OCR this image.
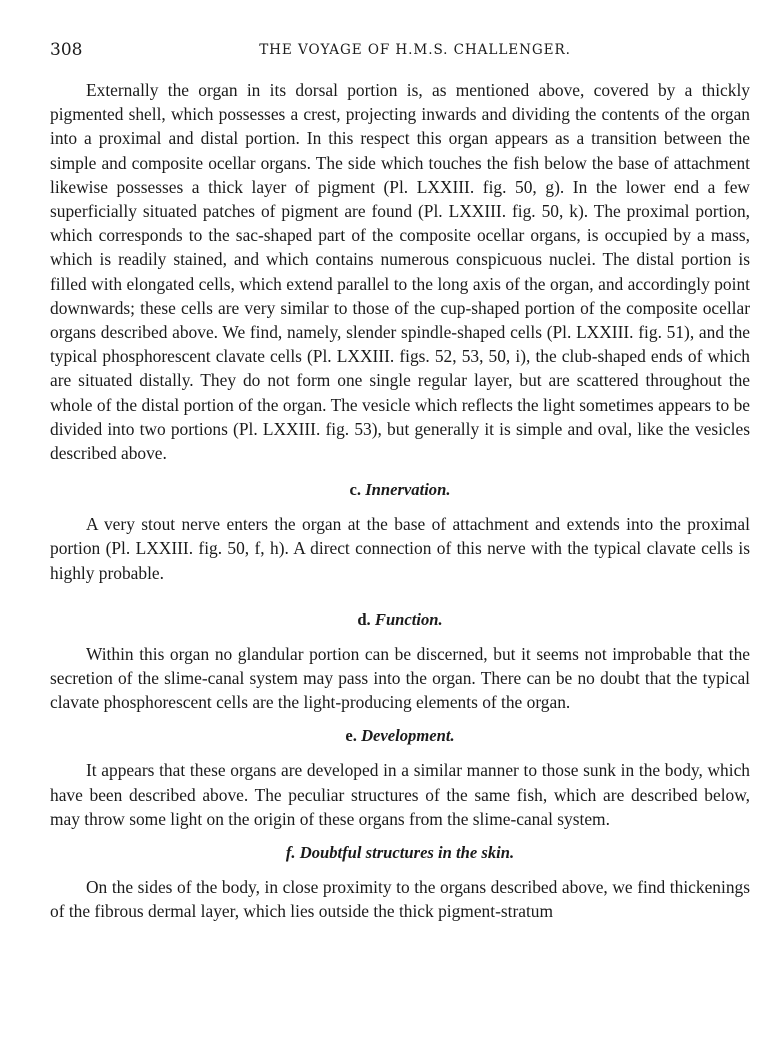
308	THE VOYAGE OF H.M.S. CHALLENGER.

Externally the organ in its dorsal portion is, as mentioned above, covered by a thickly pigmented shell, which possesses a crest, projecting inwards and dividing the contents of the organ into a proximal and distal portion. In this respect this organ appears as a transition between the simple and composite ocellar organs. The side which touches the fish below the base of attachment likewise possesses a thick layer of pigment (Pl. LXXIII. fig. 50, g). In the lower end a few superficially situated patches of pigment are found (Pl. LXXIII. fig. 50, k). The proximal portion, which corresponds to the sac-shaped part of the composite ocellar organs, is occupied by a mass, which is readily stained, and which contains numerous conspicuous nuclei. The distal portion is filled with elongated cells, which extend parallel to the long axis of the organ, and accordingly point downwards; these cells are very similar to those of the cup-shaped portion of the composite ocellar organs described above. We find, namely, slender spindle-shaped cells (Pl. LXXIII. fig. 51), and the typical phosphorescent clavate cells (Pl. LXXIII. figs. 52, 53, 50, i), the club-shaped ends of which are situated distally. They do not form one single regular layer, but are scattered throughout the whole of the distal portion of the organ. The vesicle which reflects the light sometimes appears to be divided into two portions (Pl. LXXIII. fig. 53), but generally it is simple and oval, like the vesicles described above.

c. Innervation.

A very stout nerve enters the organ at the base of attachment and extends into the proximal portion (Pl. LXXIII. fig. 50, f, h). A direct connection of this nerve with the typical clavate cells is highly probable.

d. Function.

Within this organ no glandular portion can be discerned, but it seems not improbable that the secretion of the slime-canal system may pass into the organ. There can be no doubt that the typical clavate phosphorescent cells are the light-producing elements of the organ.

e. Development.

It appears that these organs are developed in a similar manner to those sunk in the body, which have been described above. The peculiar structures of the same fish, which are described below, may throw some light on the origin of these organs from the slime-canal system.

f. Doubtful structures in the skin.

On the sides of the body, in close proximity to the organs described above, we find thickenings of the fibrous dermal layer, which lies outside the thick pigment-stratum
